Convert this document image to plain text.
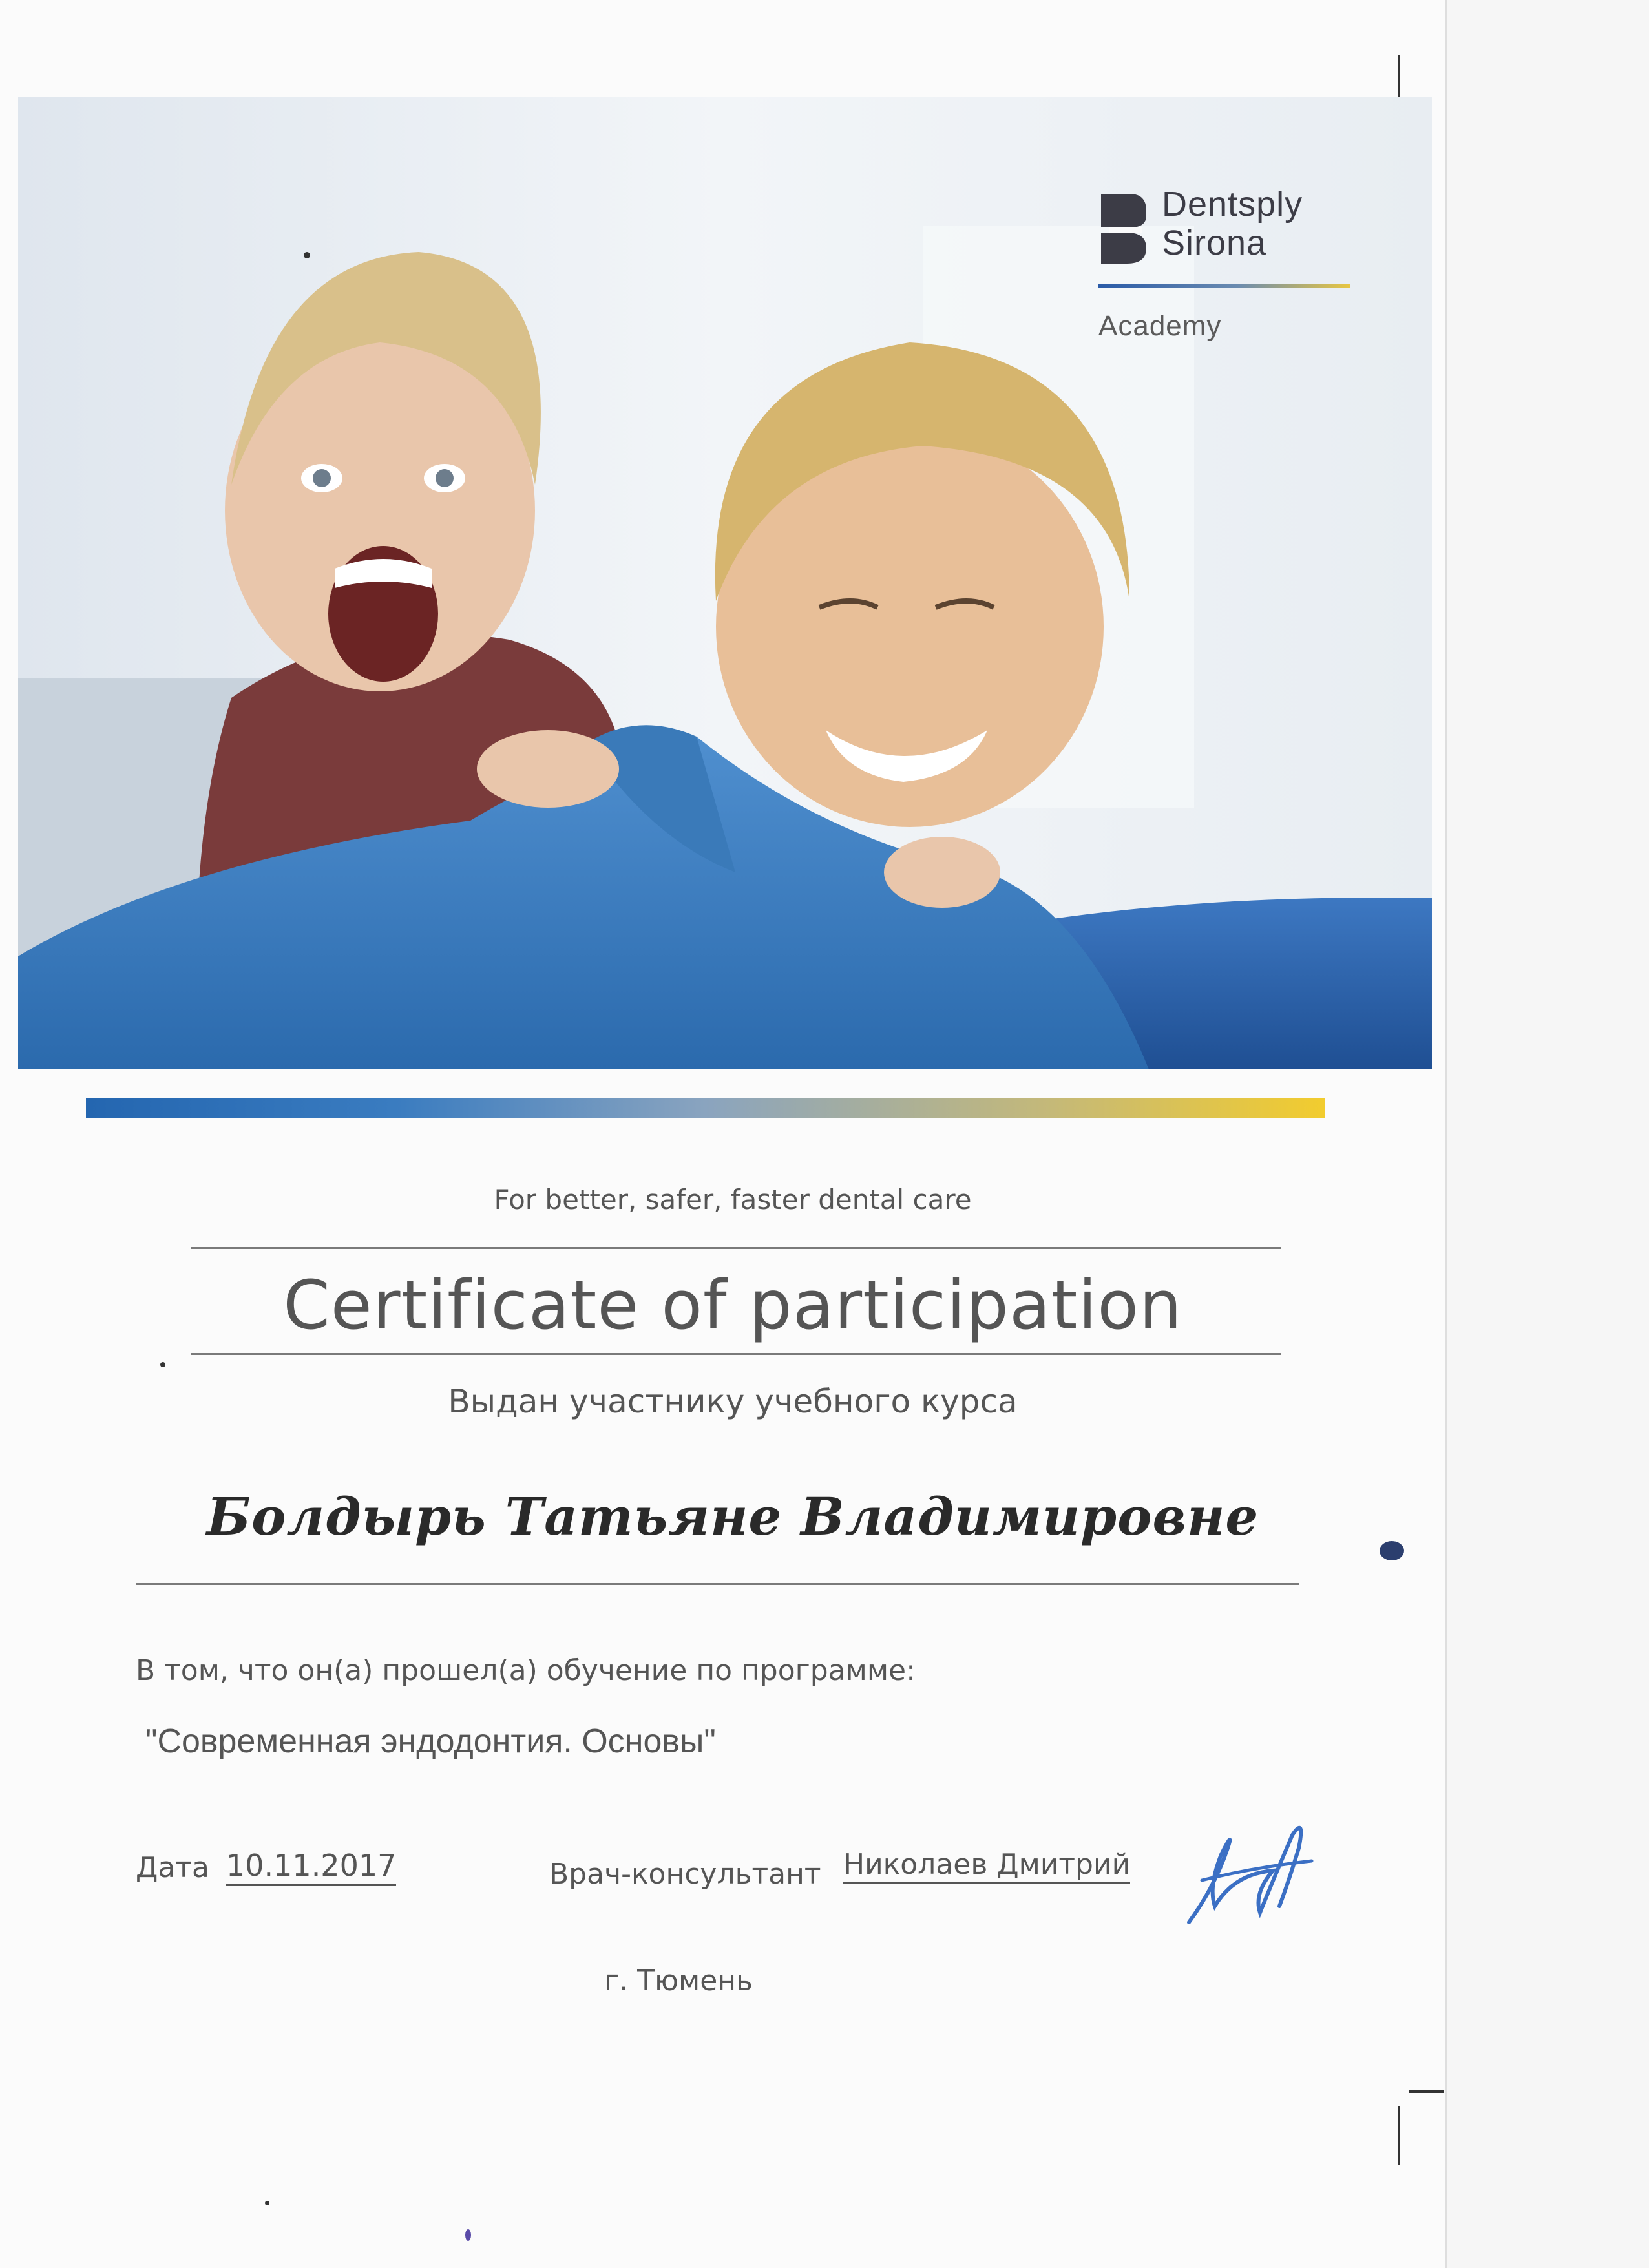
Dentsply
Sirona
Academy
For better, safer, faster dental care
Certificate of participation
Выдан участнику учебного курса
Болдырь Татьяне Владимировне
В том, что он(а) прошел(а) обучение по программе:
"Современная эндодонтия. Основы"
Дата 10.11.2017	Врач-консультант Николаев Дмитрий
г. Тюмень
